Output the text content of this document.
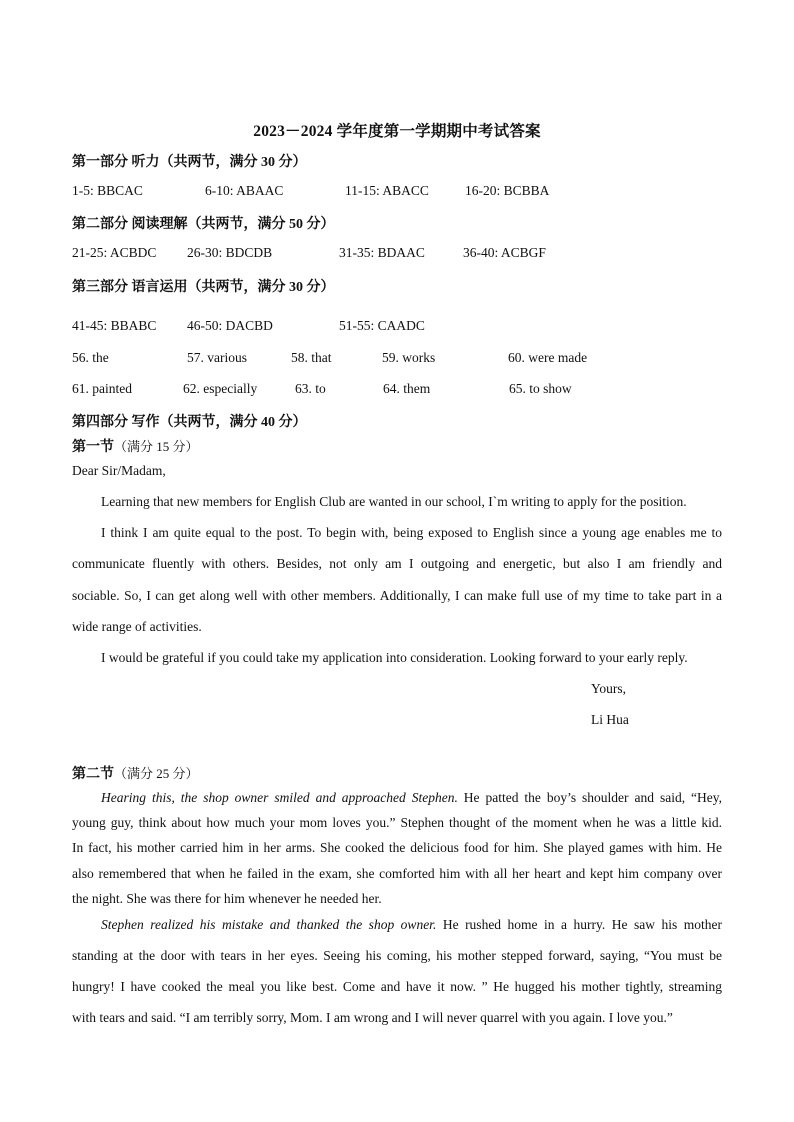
2023－2024 学年度第一学期期中考试答案
第一部分 听力（共两节，满分 30 分）
1-5: BBCAC	6-10: ABAAC	11-15: ABACC	16-20: BCBBA
第二部分 阅读理解（共两节，满分 50 分）
21-25: ACBDC 26-30: BDCDB	31-35: BDAAC	36-40: ACBGF
第三部分 语言运用（共两节，满分 30 分）
41-45: BBABC 46-50: DACBD	51-55: CAADC
56. the	57. various	58. that	59. works	60. were made
61. painted	62. especially	63. to	64. them	65. to show
第四部分 写作（共两节，满分 40 分）
第一节（满分 15 分）
Dear Sir/Madam,
Learning that new members for English Club are wanted in our school, I`m writing to apply for the position.
I think I am quite equal to the post. To begin with, being exposed to English since a young age enables me to
communicate fluently with others. Besides, not only am I outgoing and energetic, but also I am friendly and
sociable. So, I can get along well with other members. Additionally, I can make full use of my time to take part in a
wide range of activities.
I would be grateful if you could take my application into consideration. Looking forward to your early reply.
Yours,
Li Hua
第二节（满分 25 分）
Hearing this, the shop owner smiled and approached Stephen. He patted the boy’s shoulder and said, “Hey,
young guy, think about how much your mom loves you.” Stephen thought of the moment when he was a little kid.
In fact, his mother carried him in her arms. She cooked the delicious food for him. She played games with him. He
also remembered that when he failed in the exam, she comforted him with all her heart and kept him company over
the night. She was there for him whenever he needed her.
Stephen realized his mistake and thanked the shop owner. He rushed home in a hurry. He saw his mother
standing at the door with tears in her eyes. Seeing his coming, his mother stepped forward, saying, “You must be
hungry! I have cooked the meal you like best. Come and have it now. ” He hugged his mother tightly, streaming
with tears and said. “I am terribly sorry, Mom. I am wrong and I will never quarrel with you again. I love you.”
